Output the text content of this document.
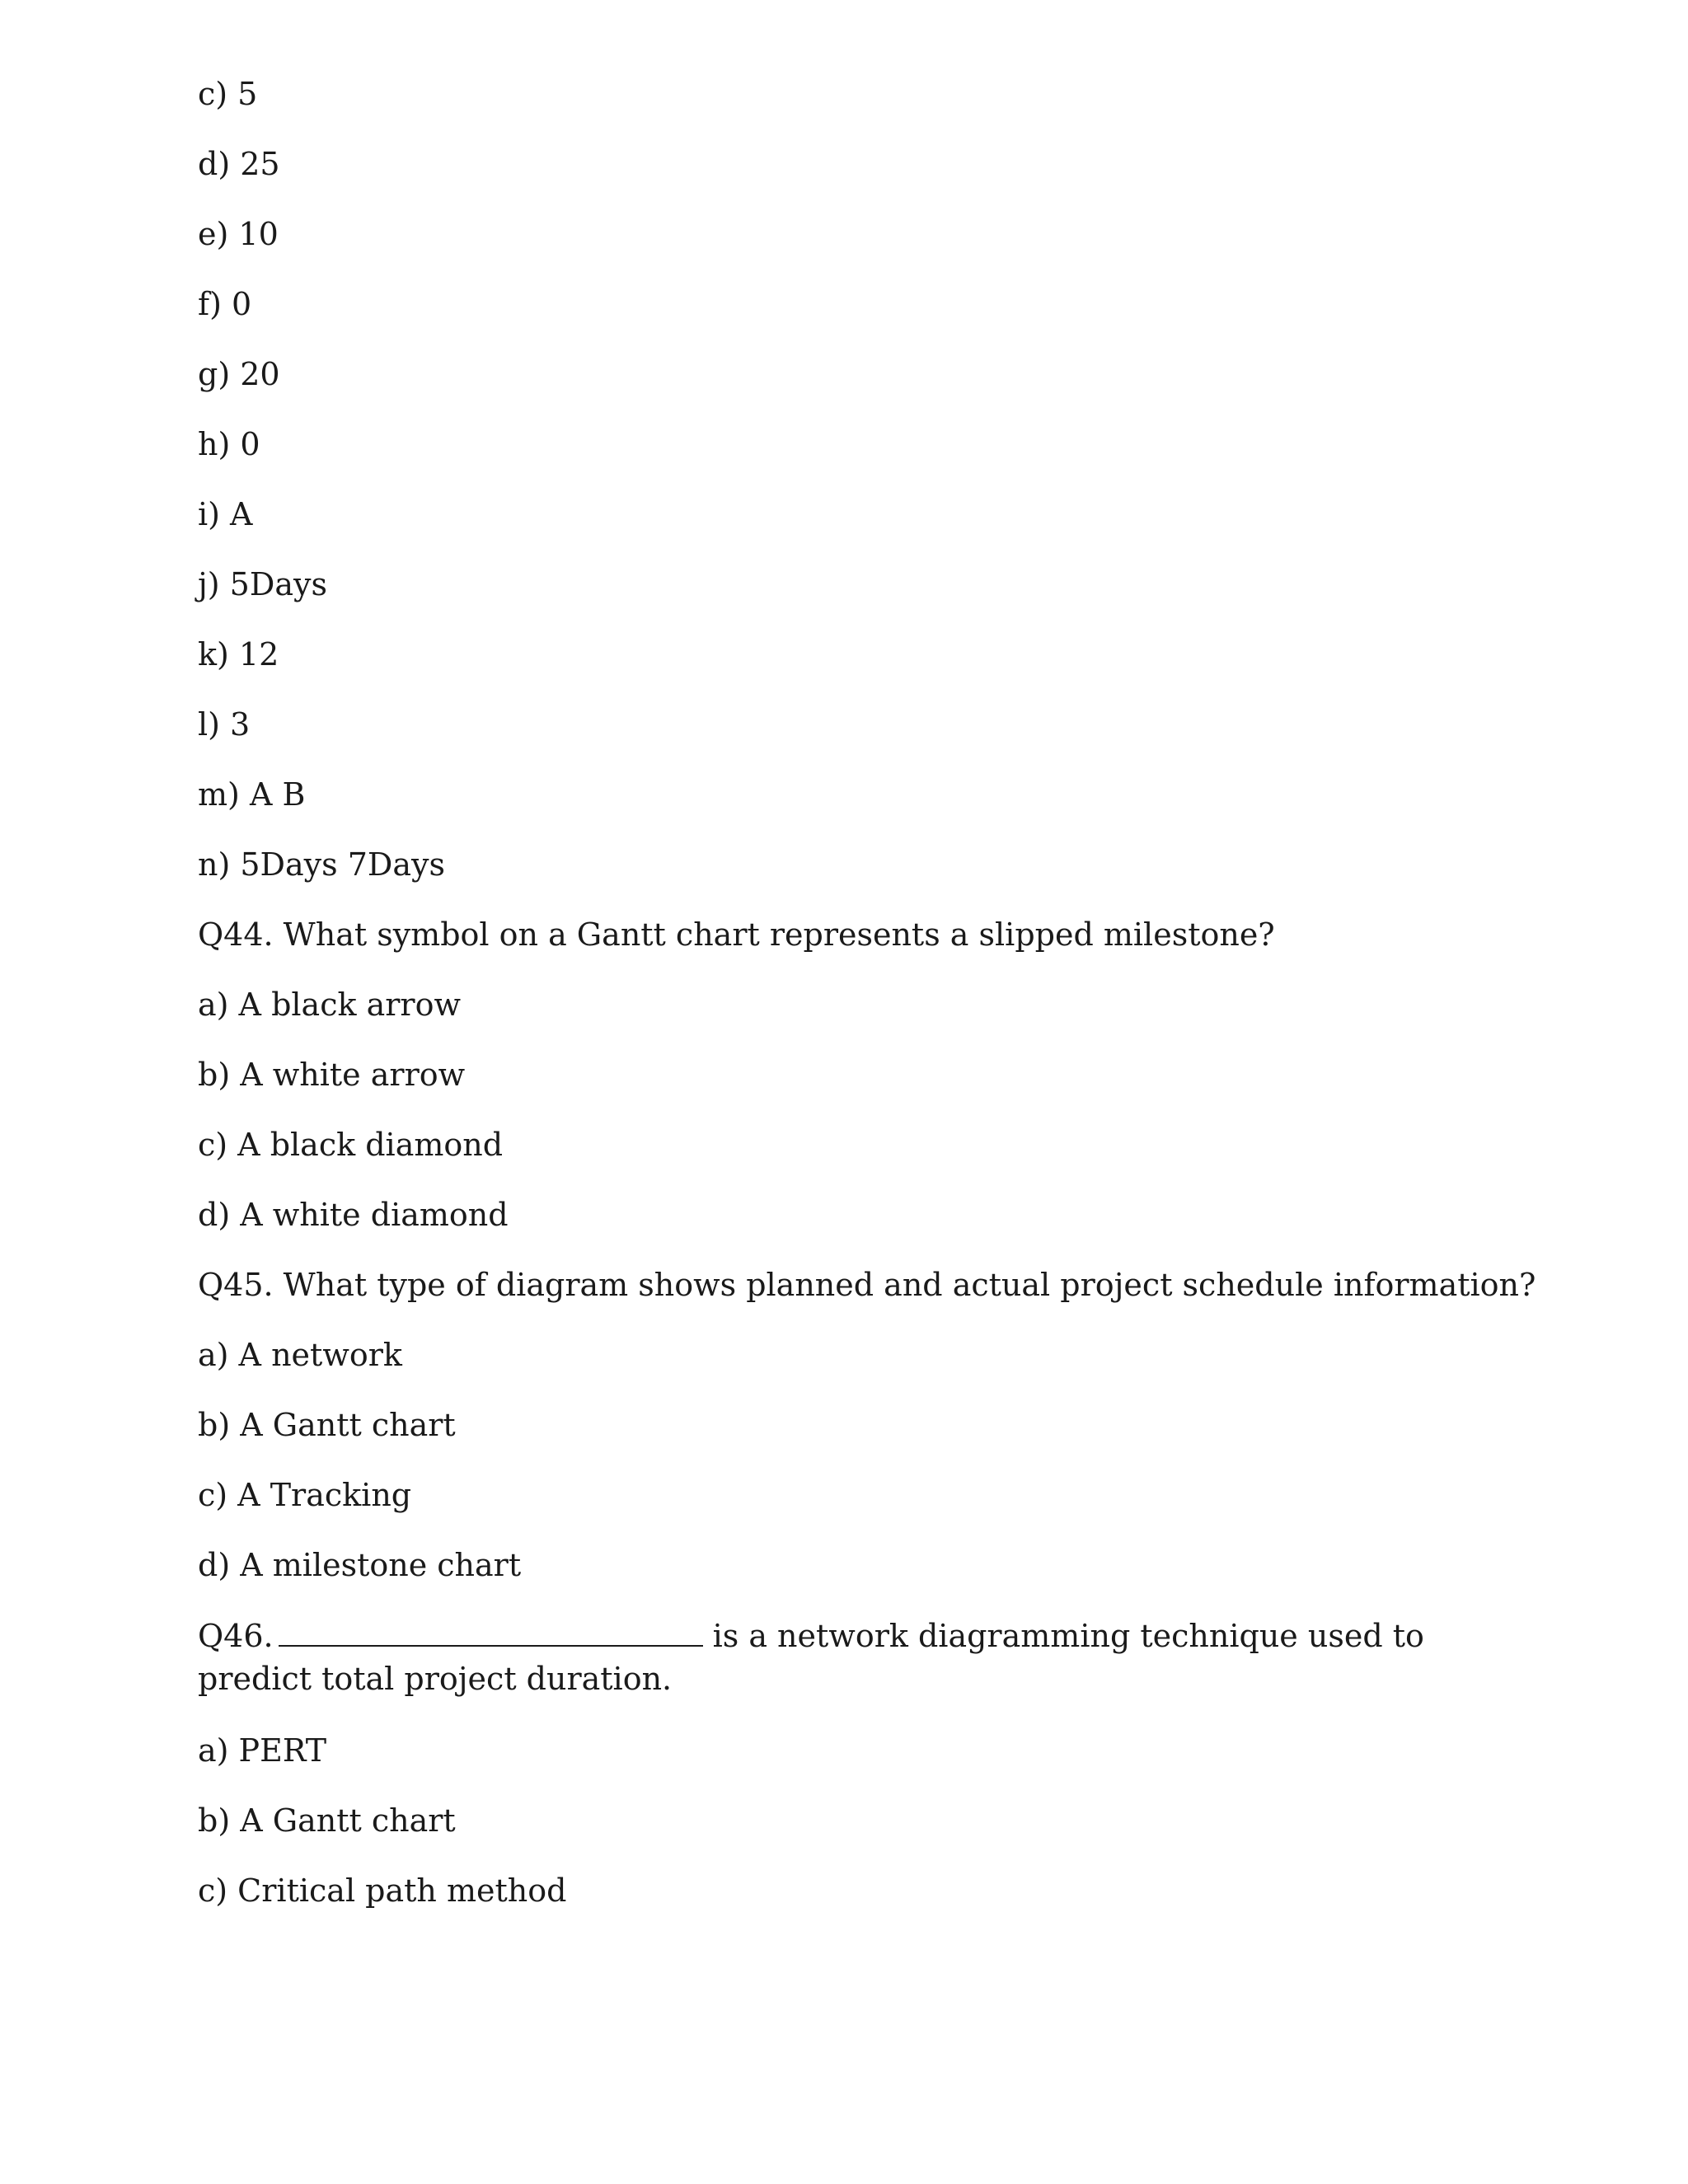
c) 5
d) 25
e) 10
f) 0
g) 20
h) 0
i) A
j) 5Days
k) 12
l) 3
m) A B
n) 5Days 7Days
Q44. What symbol on a Gantt chart represents a slipped milestone?
a) A black arrow
b) A white arrow
c) A black diamond
d) A white diamond
Q45. What type of diagram shows planned and actual project schedule information?
a) A network
b) A Gantt chart
c) A Tracking
d) A milestone chart
Q46.	is a network diagramming technique used to predict total project duration.
a) PERT
b) A Gantt chart
c) Critical path method
